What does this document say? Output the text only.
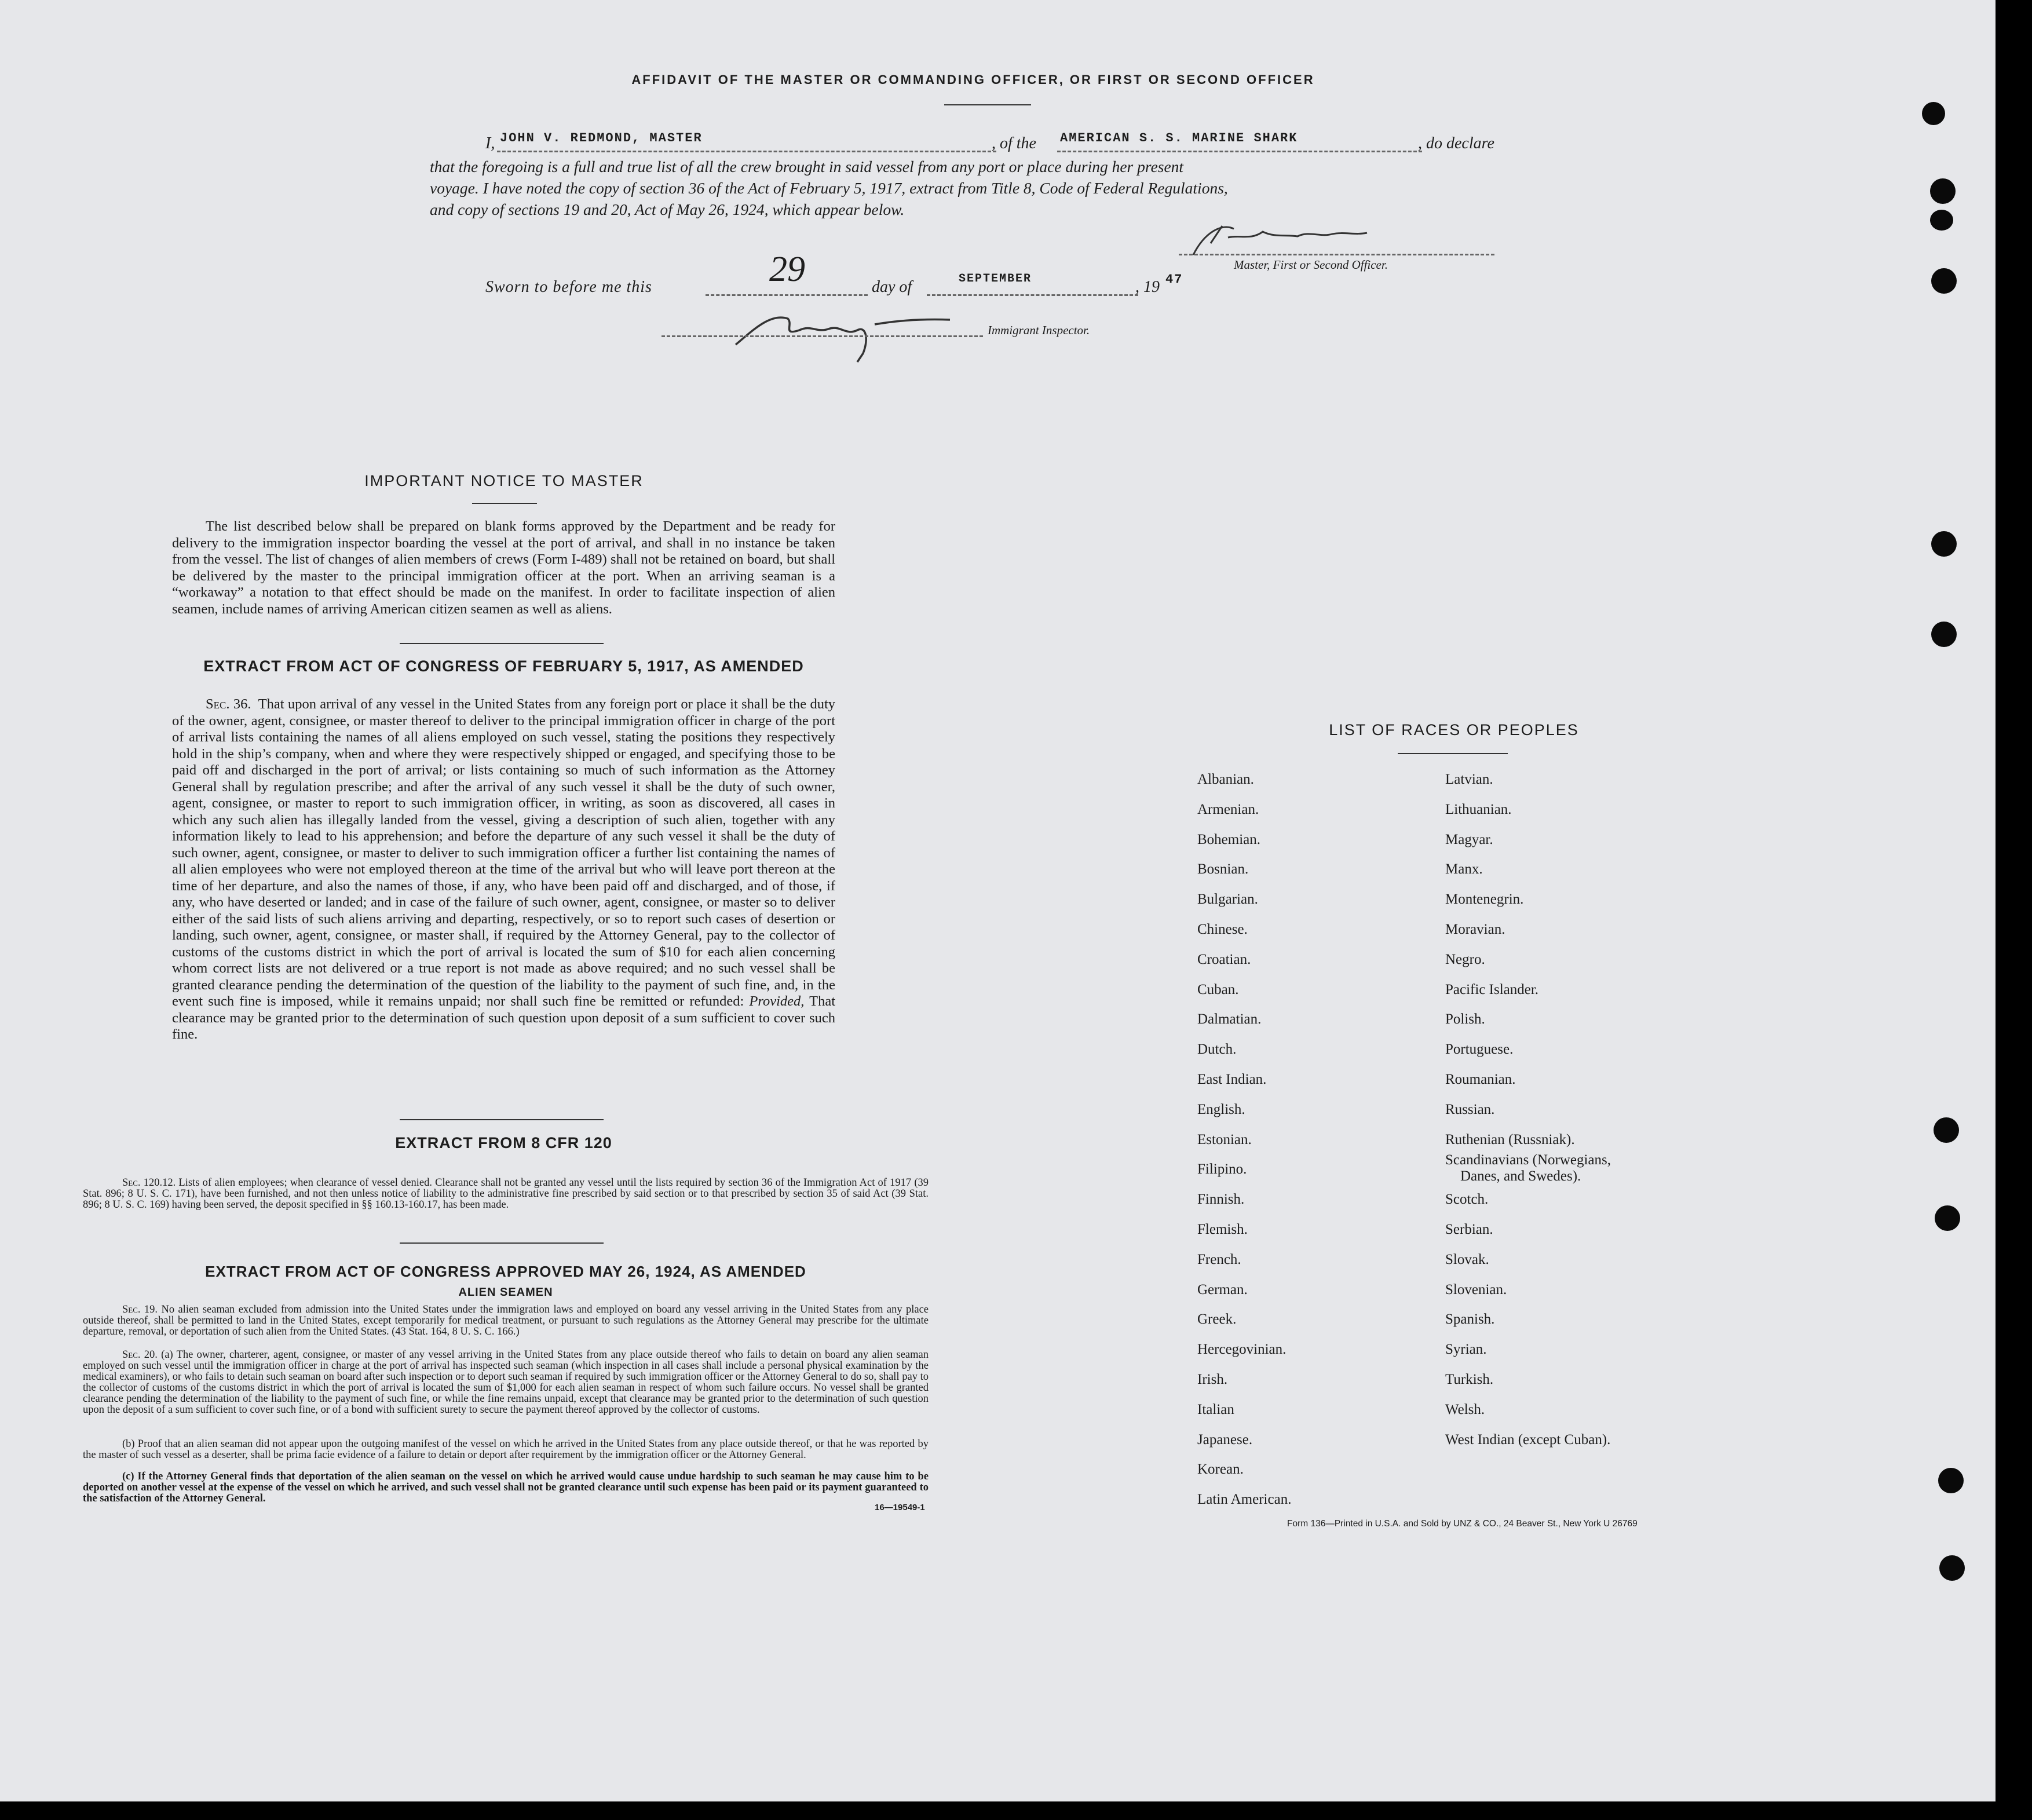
AFFIDAVIT OF THE MASTER OR COMMANDING OFFICER, OR FIRST OR SECOND OFFICER
I, JOHN V. REDMOND, MASTER	, of the AMERICAN S. S. MARINE SHARK	, do declare
that the foregoing is a full and true list of all the crew brought in said vessel from any port or place during her present
voyage. I have noted the copy of section 36 of the Act of February 5, 1917, extract from Title 8, Code of Federal Regulations,
and copy of sections 19 and 20, Act of May 26, 1924, which appear below.
Master, First or Second Officer.
Sworn to before me this	29	day of	SEPTEMBER	, 19 47
Immigrant Inspector.
IMPORTANT NOTICE TO MASTER
The list described below shall be prepared on blank forms approved by the Department and be ready for delivery to the immigration inspector boarding the vessel at the port of arrival, and shall in no instance be taken from the vessel. The list of changes of alien members of crews (Form I-489) shall not be retained on board, but shall be delivered by the master to the principal immigration officer at the port. When an arriving seaman is a “workaway” a notation to that effect should be made on the manifest. In order to facilitate inspection of alien seamen, include names of arriving American citizen seamen as well as aliens.
EXTRACT FROM ACT OF CONGRESS OF FEBRUARY 5, 1917, AS AMENDED
Sec. 36. That upon arrival of any vessel in the United States from any foreign port or place it shall be the duty of the owner, agent, consignee, or master thereof to deliver to the principal immigration officer in charge of the port of arrival lists containing the names of all aliens employed on such vessel, stating the positions they respectively hold in the ship’s company, when and where they were respectively shipped or engaged, and specifying those to be paid off and discharged in the port of arrival; or lists containing so much of such information as the Attorney General shall by regulation prescribe; and after the arrival of any such vessel it shall be the duty of such owner, agent, consignee, or master to report to such immigration officer, in writing, as soon as discovered, all cases in which any such alien has illegally landed from the vessel, giving a description of such alien, together with any information likely to lead to his apprehension; and before the departure of any such vessel it shall be the duty of such owner, agent, consignee, or master to deliver to such immigration officer a further list containing the names of all alien employees who were not employed thereon at the time of the arrival but who will leave port thereon at the time of her departure, and also the names of those, if any, who have been paid off and discharged, and of those, if any, who have deserted or landed; and in case of the failure of such owner, agent, consignee, or master so to deliver either of the said lists of such aliens arriving and departing, respectively, or so to report such cases of desertion or landing, such owner, agent, consignee, or master shall, if required by the Attorney General, pay to the collector of customs of the customs district in which the port of arrival is located the sum of $10 for each alien concerning whom correct lists are not delivered or a true report is not made as above required; and no such vessel shall be granted clearance pending the determination of the question of the liability to the payment of such fine, and, in the event such fine is imposed, while it remains unpaid; nor shall such fine be remitted or refunded: Provided, That clearance may be granted prior to the determination of such question upon deposit of a sum sufficient to cover such fine.
EXTRACT FROM 8 CFR 120
Sec. 120.12. Lists of alien employees; when clearance of vessel denied. Clearance shall not be granted any vessel until the lists required by section 36 of the Immigration Act of 1917 (39 Stat. 896; 8 U. S. C. 171), have been furnished, and not then unless notice of liability to the administrative fine prescribed by said section or to that prescribed by section 35 of said Act (39 Stat. 896; 8 U. S. C. 169) having been served, the deposit specified in §§ 160.13-160.17, has been made.
EXTRACT FROM ACT OF CONGRESS APPROVED MAY 26, 1924, AS AMENDED
ALIEN SEAMEN
Sec. 19. No alien seaman excluded from admission into the United States under the immigration laws and employed on board any vessel arriving in the United States from any place outside thereof, shall be permitted to land in the United States, except temporarily for medical treatment, or pursuant to such regulations as the Attorney General may prescribe for the ultimate departure, removal, or deportation of such alien from the United States. (43 Stat. 164, 8 U. S. C. 166.)
Sec. 20. (a) The owner, charterer, agent, consignee, or master of any vessel arriving in the United States from any place outside thereof who fails to detain on board any alien seaman employed on such vessel until the immigration officer in charge at the port of arrival has inspected such seaman (which inspection in all cases shall include a personal physical examination by the medical examiners), or who fails to detain such seaman on board after such inspection or to deport such seaman if required by such immigration officer or the Attorney General to do so, shall pay to the collector of customs of the customs district in which the port of arrival is located the sum of $1,000 for each alien seaman in respect of whom such failure occurs. No vessel shall be granted clearance pending the determination of the liability to the payment of such fine, or while the fine remains unpaid, except that clearance may be granted prior to the determination of such question upon the deposit of a sum sufficient to cover such fine, or of a bond with sufficient surety to secure the payment thereof approved by the collector of customs.
(b) Proof that an alien seaman did not appear upon the outgoing manifest of the vessel on which he arrived in the United States from any place outside thereof, or that he was reported by the master of such vessel as a deserter, shall be prima facie evidence of a failure to detain or deport after requirement by the immigration officer or the Attorney General.
(c) If the Attorney General finds that deportation of the alien seaman on the vessel on which he arrived would cause undue hardship to such seaman he may cause him to be deported on another vessel at the expense of the vessel on which he arrived, and such vessel shall not be granted clearance until such expense has been paid or its payment guaranteed to the satisfaction of the Attorney General.
16—19549-1
LIST OF RACES OR PEOPLES
Albanian.
Armenian.
Bohemian.
Bosnian.
Bulgarian.
Chinese.
Croatian.
Cuban.
Dalmatian.
Dutch.
East Indian.
English.
Estonian.
Filipino.
Finnish.
Flemish.
French.
German.
Greek.
Hercegovinian.
Irish.
Italian
Japanese.
Korean.
Latin American.
Latvian.
Lithuanian.
Magyar.
Manx.
Montenegrin.
Moravian.
Negro.
Pacific Islander.
Polish.
Portuguese.
Roumanian.
Russian.
Ruthenian (Russniak).
Scandinavians (Norwegians,
Danes, and Swedes).
Scotch.
Serbian.
Slovak.
Slovenian.
Spanish.
Syrian.
Turkish.
Welsh.
West Indian (except Cuban).
Form 136—Printed in U.S.A. and Sold by UNZ & CO., 24 Beaver St., New York U 26769
